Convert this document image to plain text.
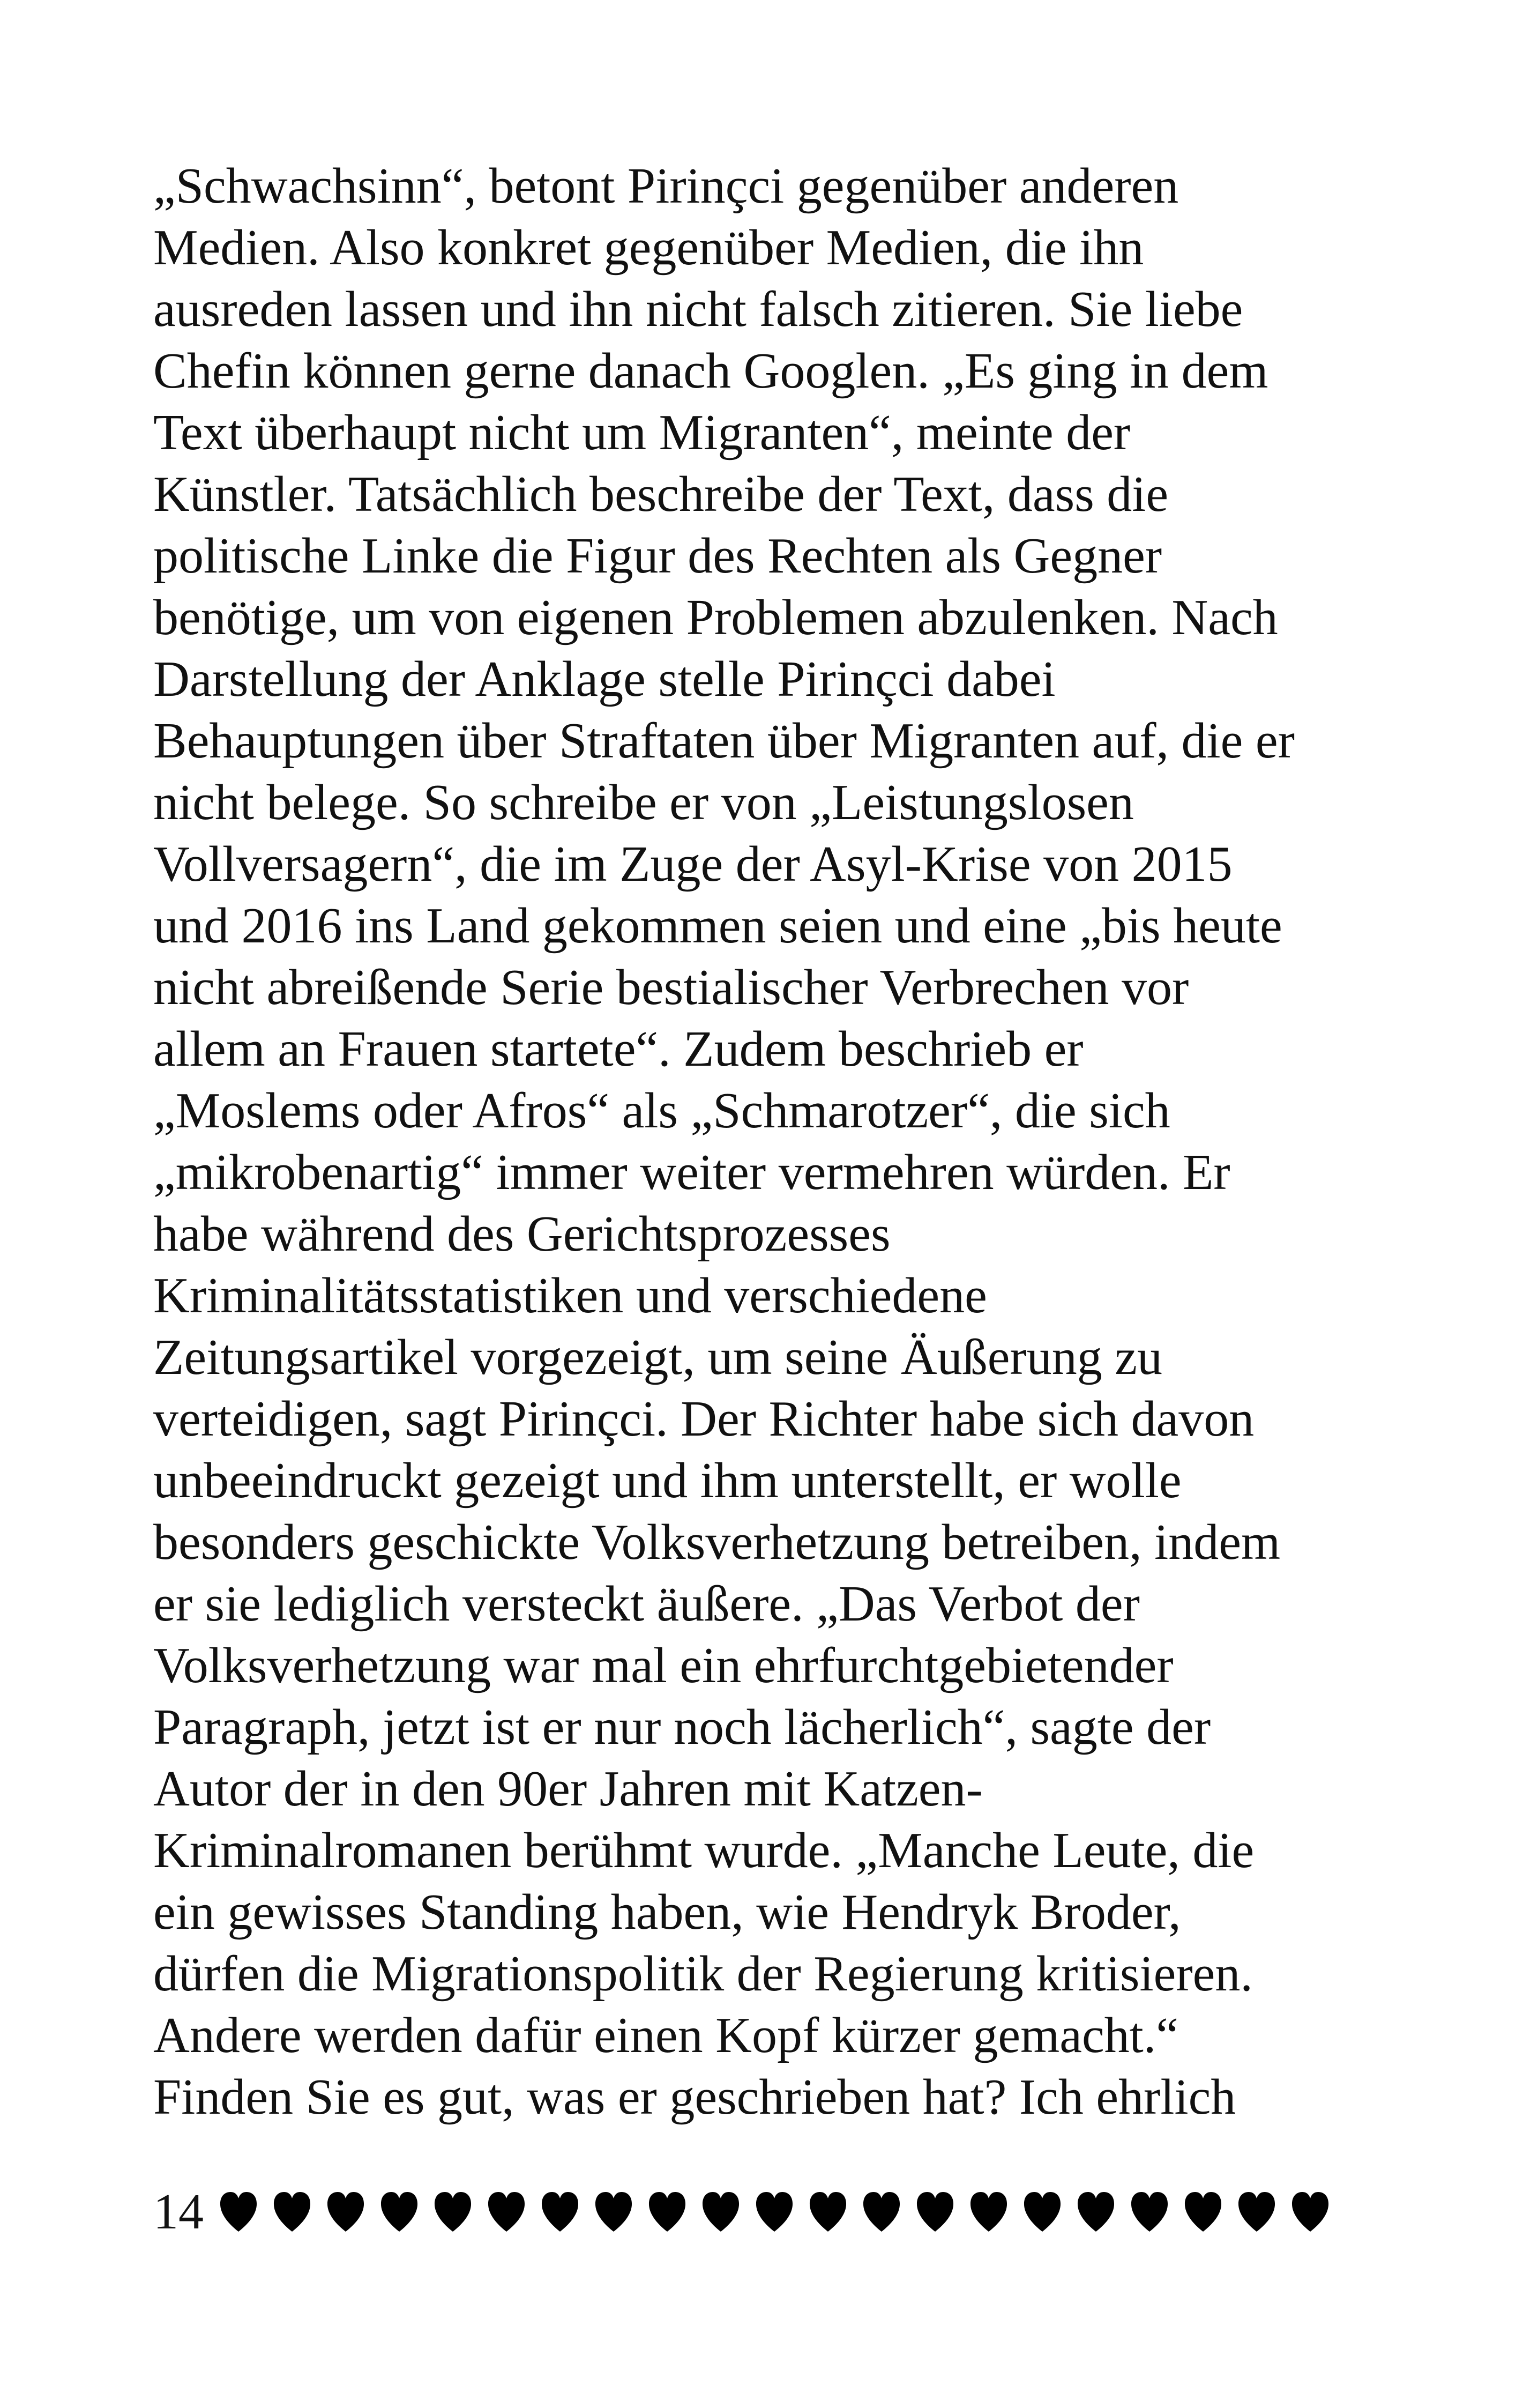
„Schwachsinn“, betont Pirinçci gegenüber anderen
Medien. Also konkret gegenüber Medien, die ihn
ausreden lassen und ihn nicht falsch zitieren. Sie liebe
Chefin können gerne danach Googlen. „Es ging in dem
Text überhaupt nicht um Migranten“, meinte der
Künstler. Tatsächlich beschreibe der Text, dass die
politische Linke die Figur des Rechten als Gegner
benötige, um von eigenen Problemen abzulenken. Nach
Darstellung der Anklage stelle Pirinçci dabei
Behauptungen über Straftaten über Migranten auf, die er
nicht belege. So schreibe er von „Leistungslosen
Vollversagern“, die im Zuge der Asyl-Krise von 2015
und 2016 ins Land gekommen seien und eine „bis heute
nicht abreißende Serie bestialischer Verbrechen vor
allem an Frauen startete“. Zudem beschrieb er
„Moslems oder Afros“ als „Schmarotzer“, die sich
„mikrobenartig“ immer weiter vermehren würden. Er
habe während des Gerichtsprozesses
Kriminalitätsstatistiken und verschiedene
Zeitungsartikel vorgezeigt, um seine Äußerung zu
verteidigen, sagt Pirinçci. Der Richter habe sich davon
unbeeindruckt gezeigt und ihm unterstellt, er wolle
besonders geschickte Volksverhetzung betreiben, indem
er sie lediglich versteckt äußere. „Das Verbot der
Volksverhetzung war mal ein ehrfurchtgebietender
Paragraph, jetzt ist er nur noch lächerlich“, sagte der
Autor der in den 90er Jahren mit Katzen-
Kriminalromanen berühmt wurde. „Manche Leute, die
ein gewisses Standing haben, wie Hendryk Broder,
dürfen die Migrationspolitik der Regierung kritisieren.
Andere werden dafür einen Kopf kürzer gemacht.“
Finden Sie es gut, was er geschrieben hat? Ich ehrlich
14
